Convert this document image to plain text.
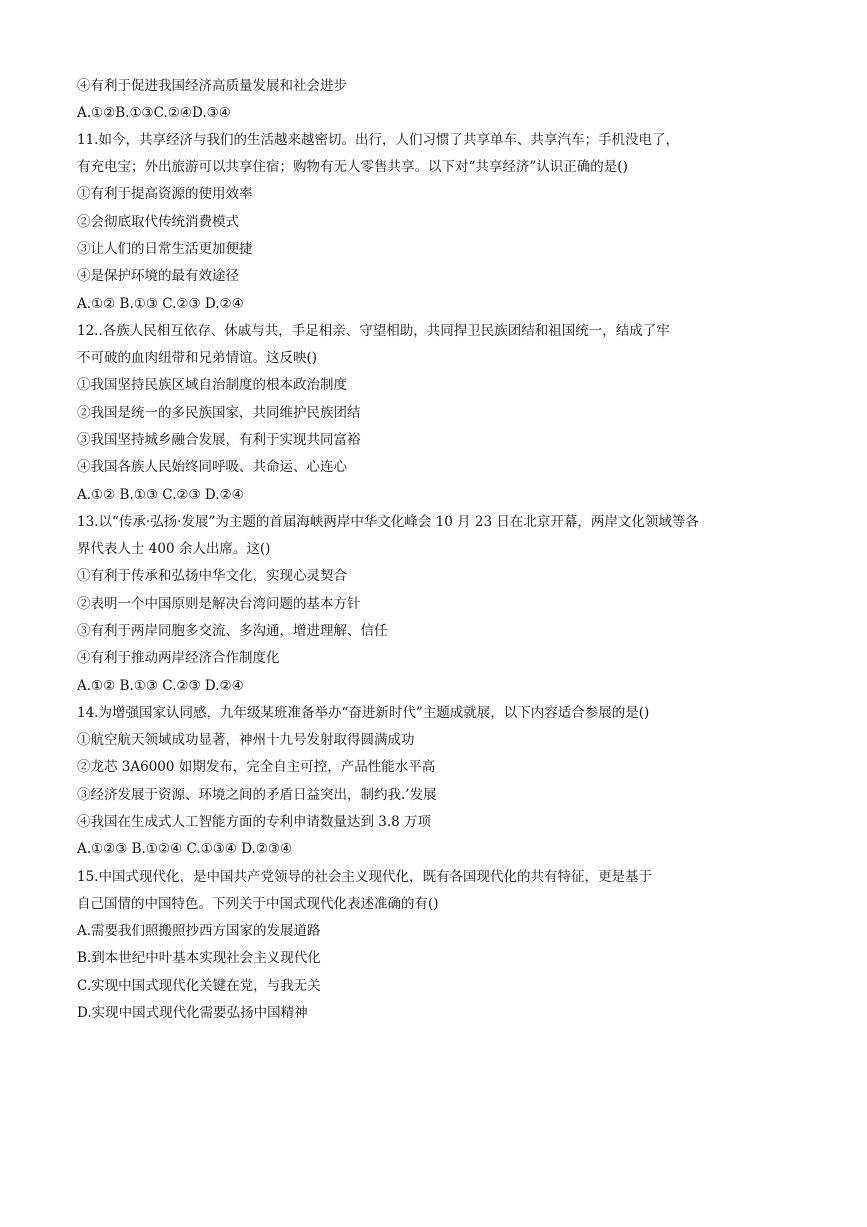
④有利于促进我国经济高质量发展和社会进步
A.①②B.①③C.②④D.③④
11.如今，共享经济与我们的生活越来越密切。出行，人们习惯了共享单车、共享汽车；手机没电了，
有充电宝；外出旅游可以共享住宿；购物有无人零售共享。以下对“共享经济”认识正确的是()
①有利于提高资源的使用效率
②会彻底取代传统消费模式
③让人们的日常生活更加便捷
④是保护环境的最有效途径
A.①② B.①③ C.②③ D.②④
12..各族人民相互依存、休戚与共，手足相亲、守望相助，共同捍卫民族团结和祖国统一，结成了牢
不可破的血肉纽带和兄弟情谊。这反映()
①我国坚持民族区域自治制度的根本政治制度
②我国是统一的多民族国家，共同维护民族团结
③我国坚持城乡融合发展，有利于实现共同富裕
④我国各族人民始终同呼吸、共命运、心连心
A.①② B.①③ C.②③ D.②④
13.以“传承·弘扬·发展”为主题的首届海峡两岸中华文化峰会 10 月 23 日在北京开幕，两岸文化领域等各
界代表人士 400 余人出席。这()
①有利于传承和弘扬中华文化，实现心灵契合
②表明一个中国原则是解决台湾问题的基本方针
③有利于两岸同胞多交流、多沟通，增进理解、信任
④有利于推动两岸经济合作制度化
A.①② B.①③ C.②③ D.②④
14.为增强国家认同感，九年级某班准备举办“奋进新时代”主题成就展，以下内容适合参展的是()
①航空航天领域成功显著，神州十九号发射取得圆满成功
②龙芯 3A6000 如期发布，完全自主可控，产品性能水平高
③经济发展于资源、环境之间的矛盾日益突出，制约我.’发展
④我国在生成式人工智能方面的专利申请数量达到 3.8 万项
A.①②③ B.①②④ C.①③④ D.②③④
15.中国式现代化，是中国共产党领导的社会主义现代化，既有各国现代化的共有特征，更是基于
自己国情的中国特色。下列关于中国式现代化表述准确的有()
A.需要我们照搬照抄西方国家的发展道路
B.到本世纪中叶基本实现社会主义现代化
C.实现中国式现代化关键在党，与我无关
D.实现中国式现代化需要弘扬中国精神
